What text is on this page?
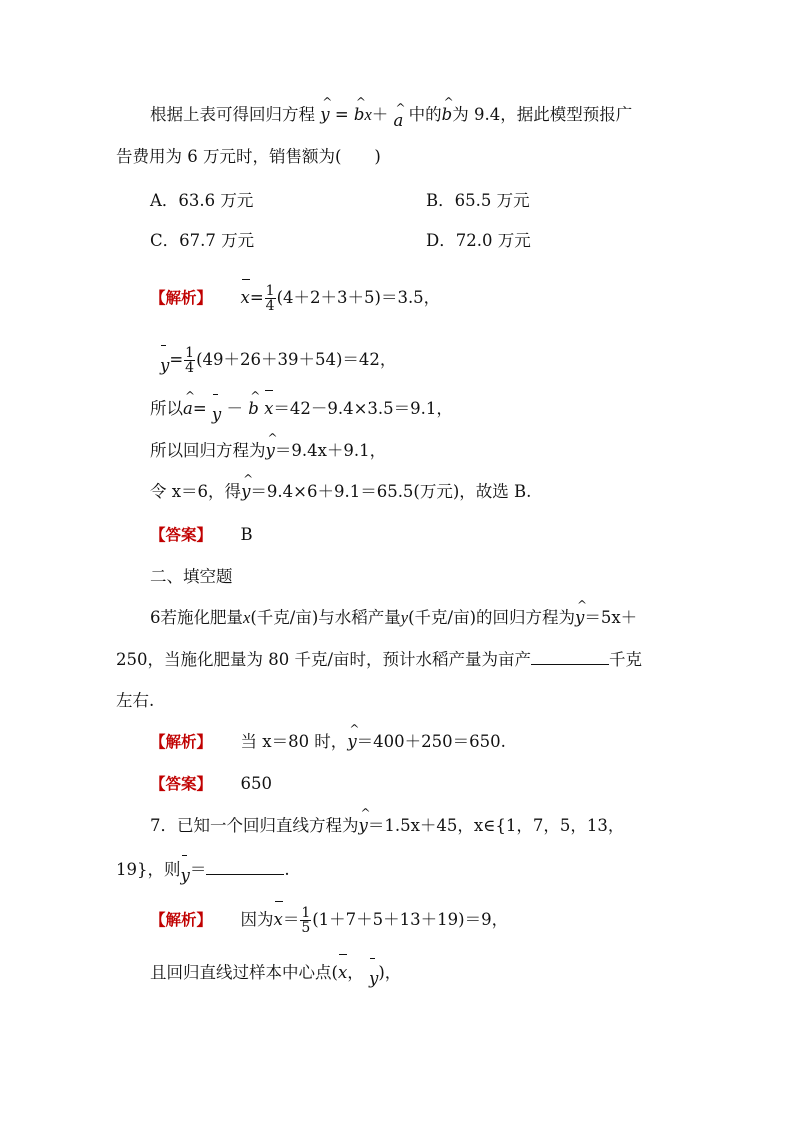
根据上表可得回归方程
^
y =
^
bx＋ ^
a 中的
^
b为 9.4，据此模型预报广
告费用为 6 万元时，销售额为(　　)
A．63.6 万元	B．65.5 万元
C．67.7 万元	D．72.0 万元
【解析】 $x= \frac{1}{4} (4+2+3+5)=3.5$，
$y= \frac{1}{4} (49+26+39+54)=42$，
所以
^
a= y －
^
b x＝42－9.4×3.5＝9.1，
所以回归方程为
^
y＝9.4x＋9.1，
令 x＝6，得
^
y＝9.4×6＋9.1＝65.5(万元)，故选 B.
【答案】 B
二、填空题
6若施化肥量x(千克/亩)与水稻产量y(千克/亩)的回归方程为
^
y＝5x＋
250，当施化肥量为 80 千克/亩时，预计水稻产量为亩产	千克
左右.
【解析】 当 x＝80 时，
^
y＝400＋250＝650.
【答案】 650
7．已知一个回归直线方程为
^
y＝1.5x＋45，x∈{1，7，5，13，
19}，则
y＝	.
【解析】 因为
$x= \frac{1}{5} (1+7+5+13+19)=9$，
且回归直线过样本中心点(
x， y)，
